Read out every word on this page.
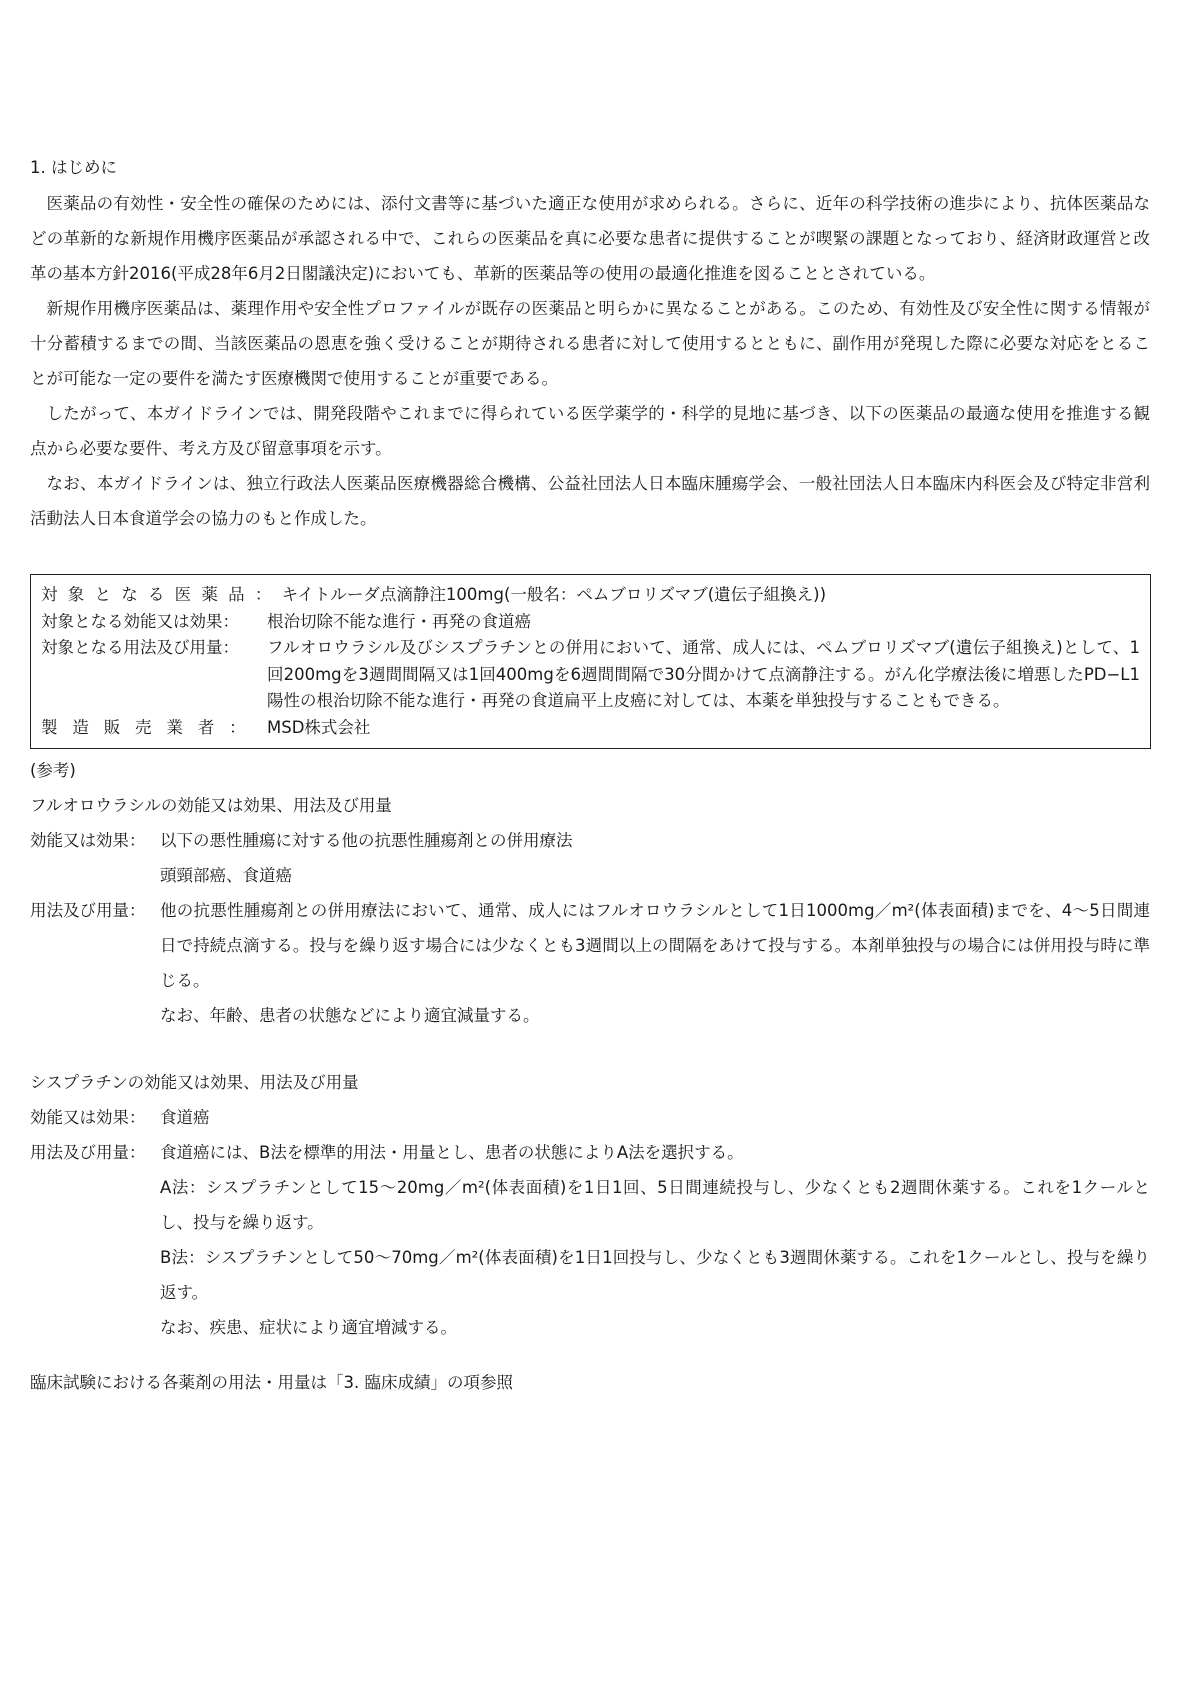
1. はじめに

医薬品の有効性・安全性の確保のためには、添付文書等に基づいた適正な使用が求められる。さらに、近年の科学技術の進歩により、抗体医薬品などの革新的な新規作用機序医薬品が承認される中で、これらの医薬品を真に必要な患者に提供することが喫緊の課題となっており、経済財政運営と改革の基本方針2016(平成28年6月2日閣議決定)においても、革新的医薬品等の使用の最適化推進を図ることとされている。

新規作用機序医薬品は、薬理作用や安全性プロファイルが既存の医薬品と明らかに異なることがある。このため、有効性及び安全性に関する情報が十分蓄積するまでの間、当該医薬品の恩恵を強く受けることが期待される患者に対して使用するとともに、副作用が発現した際に必要な対応をとることが可能な一定の要件を満たす医療機関で使用することが重要である。

したがって、本ガイドラインでは、開発段階やこれまでに得られている医学薬学的・科学的見地に基づき、以下の医薬品の最適な使用を推進する観点から必要な要件、考え方及び留意事項を示す。

なお、本ガイドラインは、独立行政法人医薬品医療機器総合機構、公益社団法人日本臨床腫瘍学会、一般社団法人日本臨床内科医会及び特定非営利活動法人日本食道学会の協力のもと作成した。

対象となる医薬品： キイトルーダ点滴静注100mg(一般名：ペムブロリズマブ(遺伝子組換え))
対象となる効能又は効果：	根治切除不能な進行・再発の食道癌
対象となる用法及び用量：	フルオロウラシル及びシスプラチンとの併用において、通常、成人には、ペムブロリズマブ(遺伝子組換え)として、1回200mgを3週間間隔又は1回400mgを6週間間隔で30分間かけて点滴静注する。がん化学療法後に増悪したPD−L1陽性の根治切除不能な進行・再発の食道扁平上皮癌に対しては、本薬を単独投与することもできる。
製造販売業者： MSD株式会社
(参考)
フルオロウラシルの効能又は効果、用法及び用量
効能又は効果： 以下の悪性腫瘍に対する他の抗悪性腫瘍剤との併用療法

頭頸部癌、食道癌

用法及び用量： 他の抗悪性腫瘍剤との併用療法において、通常、成人にはフルオロウラシルとして1日1000mg／m²(体表面積)までを、4〜5日間連日で持続点滴する。投与を繰り返す場合には少なくとも3週間以上の間隔をあけて投与する。本剤単独投与の場合には併用投与時に準じる。

なお、年齢、患者の状態などにより適宜減量する。

シスプラチンの効能又は効果、用法及び用量
効能又は効果： 食道癌
用法及び用量： 食道癌には、B法を標準的用法・用量とし、患者の状態によりA法を選択する。

A法：シスプラチンとして15〜20mg／m²(体表面積)を1日1回、5日間連続投与し、少なくとも2週間休薬する。これを1クールとし、投与を繰り返す。

B法：シスプラチンとして50〜70mg／m²(体表面積)を1日1回投与し、少なくとも3週間休薬する。これを1クールとし、投与を繰り返す。

なお、疾患、症状により適宜増減する。

臨床試験における各薬剤の用法・用量は「3. 臨床成績」の項参照
